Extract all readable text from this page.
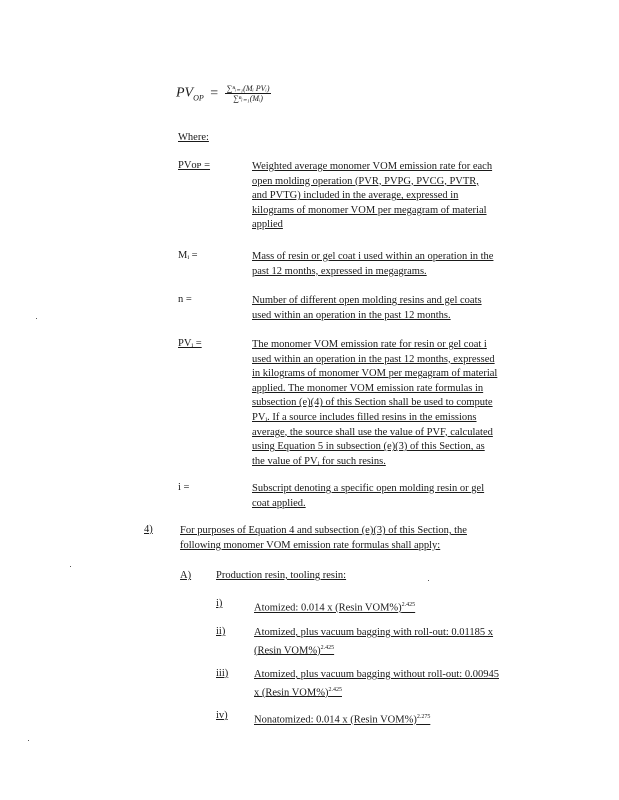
$PV_{OP} = \frac{\text{∑ⁿᵢ₌₁(Mᵢ PVᵢ)}}{\text{∑ⁿᵢ₌₁(Mᵢ)}}$
Where:
PVᴏᴘ =	Weighted average monomer VOM emission rate for each
open molding operation (PVR, PVPG, PVCG, PVTR,
and PVTG) included in the average, expressed in
kilograms of monomer VOM per megagram of material
applied
Mᵢ =	Mass of resin or gel coat i used within an operation in the
past 12 months, expressed in megagrams.
n =	Number of different open molding resins and gel coats
used within an operation in the past 12 months.
PVᵢ =	The monomer VOM emission rate for resin or gel coat i
used within an operation in the past 12 months, expressed
in kilograms of monomer VOM per megagram of material
applied. The monomer VOM emission rate formulas in
subsection (e)(4) of this Section shall be used to compute
PVᵢ. If a source includes filled resins in the emissions
average, the source shall use the value of PVF, calculated
using Equation 5 in subsection (e)(3) of this Section, as
the value of PVᵢ for such resins.
i =	Subscript denoting a specific open molding resin or gel
coat applied.
4)	For purposes of Equation 4 and subsection (e)(3) of this Section, the
following monomer VOM emission rate formulas shall apply:
A) Production resin, tooling resin:
i)	Atomized: 0.014 x (Resin VOM%)$^{2.425}$
ii)	Atomized, plus vacuum bagging with roll-out: 0.01185 x
(Resin VOM%)$^{2.425}$
iii) Atomized, plus vacuum bagging without roll-out: 0.00945
x (Resin VOM%)$^{2.425}$
iv)	Nonatomized: 0.014 x (Resin VOM%)$^{2.275}$
